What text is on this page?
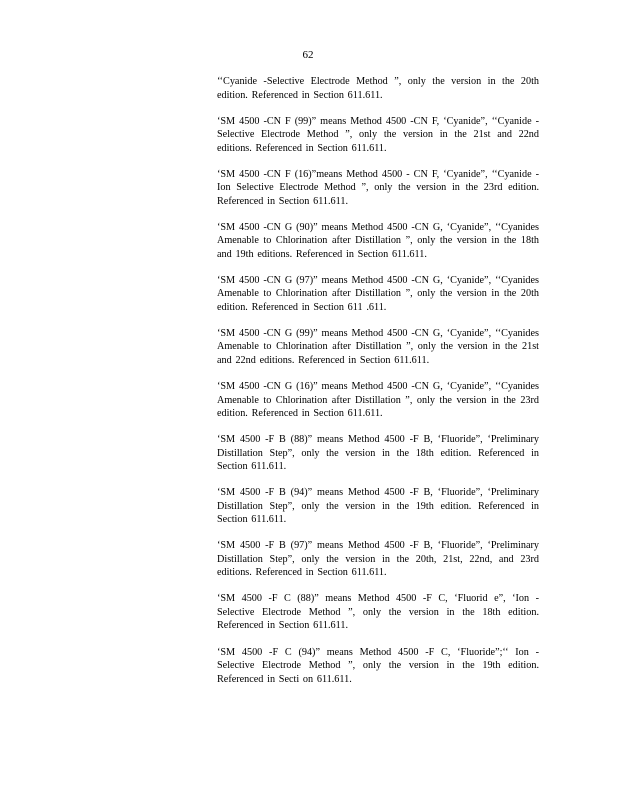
62

‘‘Cyanide -Selective Electrode Method ”, only the version in the 20th edition. Referenced in Section 611.611.

‘SM 4500 -CN F (99)” means Method 4500 -CN F, ‘Cyanide”, ‘‘Cyanide -Selective Electrode Method ”, only the version in the 21st and 22nd editions. Referenced in Section 611.611.

‘SM 4500 -CN F (16)”means Method 4500 - CN F, ‘Cyanide”, ‘‘Cyanide -Ion Selective Electrode Method ”, only the version in the 23rd edition. Referenced in Section 611.611.

‘SM 4500 -CN G (90)” means Method 4500 -CN G, ‘Cyanide”, ‘‘Cyanides Amenable to Chlorination after Distillation ”, only the version in the 18th and 19th editions. Referenced in Section 611.611.

‘SM 4500 -CN G (97)” means Method 4500 -CN G, ‘Cyanide”, ‘‘Cyanides Amenable to Chlorination after Distillation ”, only the version in the 20th edition. Referenced in Section 611 .611.

‘SM 4500 -CN G (99)” means Method 4500 -CN G, ‘Cyanide”, ‘‘Cyanides Amenable to Chlorination after Distillation ”, only the version in the 21st and 22nd editions. Referenced in Section 611.611.

‘SM 4500 -CN G (16)” means Method 4500 -CN G, ‘Cyanide”, ‘‘Cyanides Amenable to Chlorination after Distillation ”, only the version in the 23rd edition. Referenced in Section 611.611.

‘SM 4500 -F B (88)” means Method 4500 -F B, ‘Fluoride”, ‘Preliminary Distillation Step”, only the version in the 18th edition. Referenced in Section 611.611.

‘SM 4500 -F B (94)” means Method 4500 -F B, ‘Fluoride”, ‘Preliminary Distillation Step”, only the version in the 19th edition. Referenced in Section 611.611.

‘SM 4500 -F B (97)” means Method 4500 -F B, ‘Fluoride”, ‘Preliminary Distillation Step”, only the version in the 20th, 21st, 22nd, and 23rd editions. Referenced in Section 611.611.

‘SM 4500 -F C (88)” means Method 4500 -F C, ‘Fluorid e”, ‘Ion - Selective Electrode Method ”, only the version in the 18th edition. Referenced in Section 611.611.

‘SM 4500 -F C (94)” means Method 4500 -F C, ‘Fluoride”;‘‘ Ion - Selective Electrode Method ”, only the version in the 19th edition. Referenced in Secti on 611.611.
